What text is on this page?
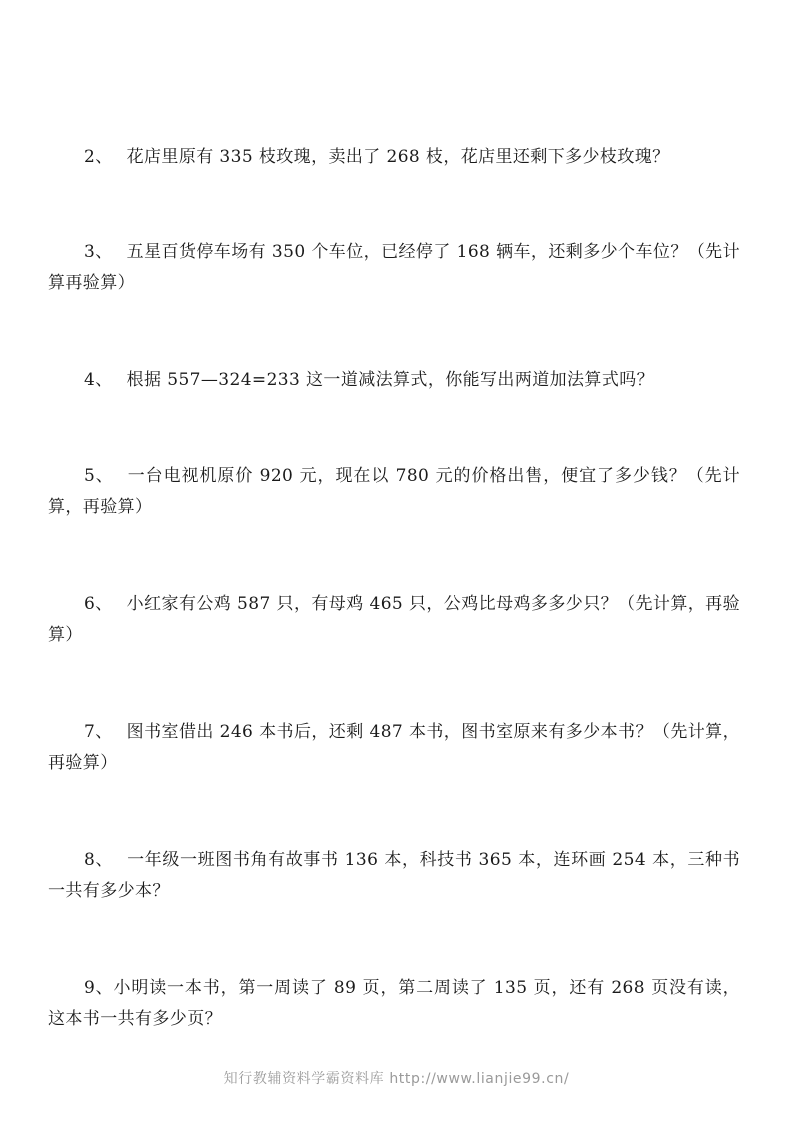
2、 花店里原有 335 枝玫瑰，卖出了 268 枝，花店里还剩下多少枝玫瑰？

3、 五星百货停车场有 350 个车位，已经停了 168 辆车，还剩多少个车位？（先计算再验算）

4、 根据 557—324=233 这一道减法算式，你能写出两道加法算式吗？

5、 一台电视机原价 920 元，现在以 780 元的价格出售，便宜了多少钱？（先计算，再验算）

6、 小红家有公鸡 587 只，有母鸡 465 只，公鸡比母鸡多多少只？（先计算，再验算）

7、 图书室借出 246 本书后，还剩 487 本书，图书室原来有多少本书？（先计算，再验算）

8、 一年级一班图书角有故事书 136 本，科技书 365 本，连环画 254 本，三种书一共有多少本？

9、小明读一本书，第一周读了 89 页，第二周读了 135 页，还有 268 页没有读，这本书一共有多少页？

知行教辅资料学霸资料库 http://www.lianjie99.cn/
